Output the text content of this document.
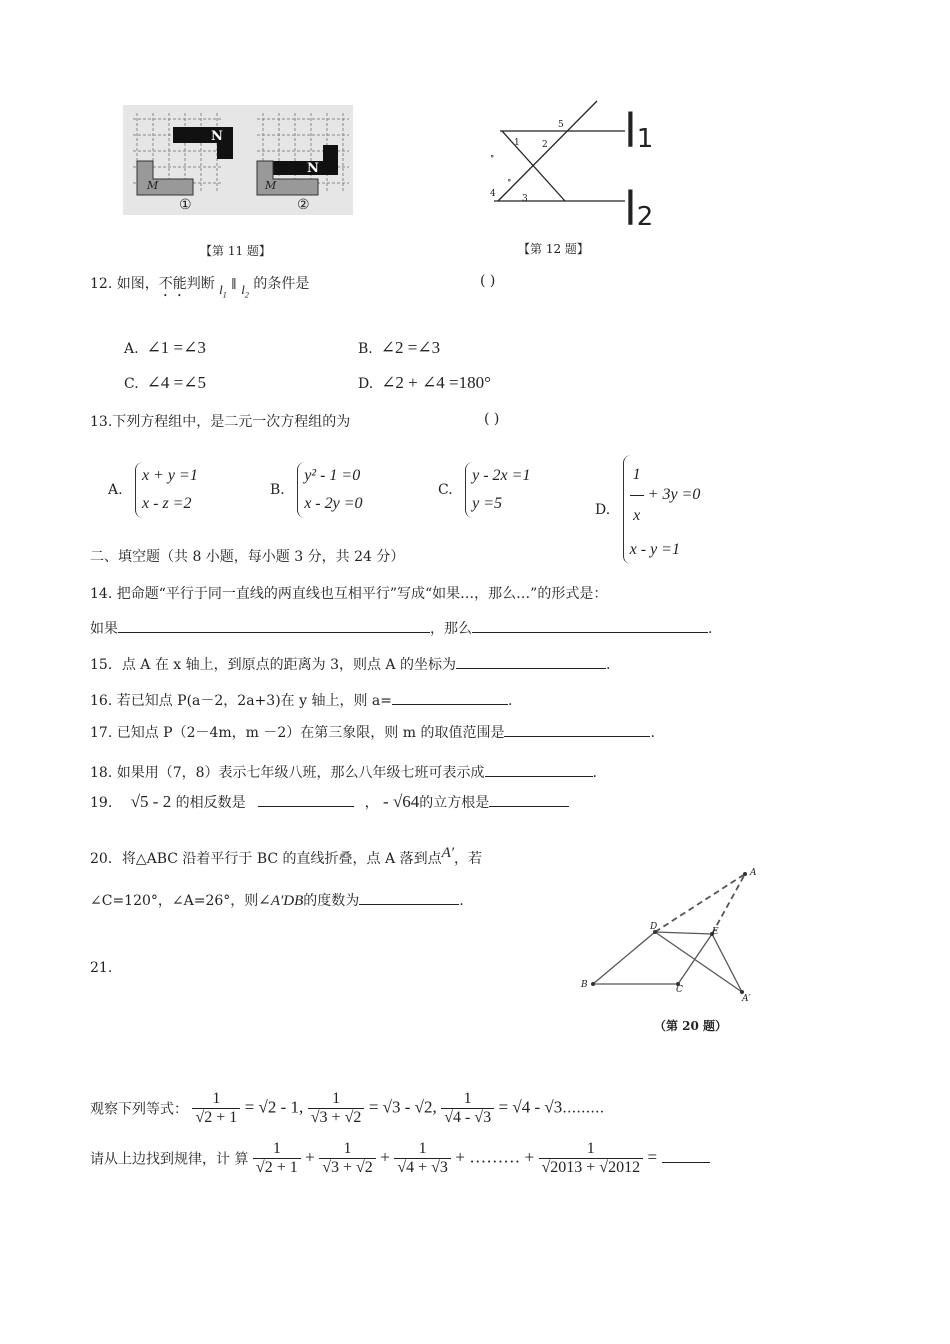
N
M
N
M
①	②
【第 11 题】
1 2
3
4
5
∘
∘
l1
l2
【第 12 题】
12. 如图，不能判断 $l_1$ ∥ $l_2$ 的条件是	( )
A. ∠1 =∠3	B. ∠2 =∠3
C. ∠4 =∠5	D. ∠2 + ∠4 =180°
13.下列方程组中，是二元一次方程组的为	( )
A.
x + y =1
x - z =2
B.
y² - 1 =0
x - 2y =0
C.
y - 2x =1
y =5	D. $\frac{1}{x} + 3y =0$
x - y =1
二、填空题（共 8 小题，每小题 3 分，共 24 分）
14. 把命题“平行于同一直线的两直线也互相平行”写成“如果…，那么…”的形式是：
如果	，那么	.
15．点 A 在 x 轴上，到原点的距离为 3，则点 A 的坐标为	.
16. 若已知点 P(a－2，2a+3)在 y 轴上，则 a=	.
17. 已知点 P（2－4m，m －2）在第三象限，则 m 的取值范围是	.
18. 如果用（7，8）表示七年级八班，那么八年级七班可表示成	.
19. √5 - 2 的相反数是	， - √64的立方根是
20．将△ABC 沿着平行于 BC 的直线折叠，点 A 落到点A′，若
∠C=120°，∠A=26°，则∠A′DB的度数为	.
A
D	E
B	C
A′
（第 20 题）
21.
观察下列等式： $\frac{1}{√2 + 1} = √2 - 1$, $\frac{1}{√3 + √2} = √3 - √2$, $\frac{1}{√4 - √3} = √4$ - √3………
请从上边找到规律，计 算 $\frac{1}{√2 + 1} + \frac{1}{√3 + √2} + \frac{1}{√4 + √3}$ + ……… + $\frac{1}{√2013 + √2012}$ =
